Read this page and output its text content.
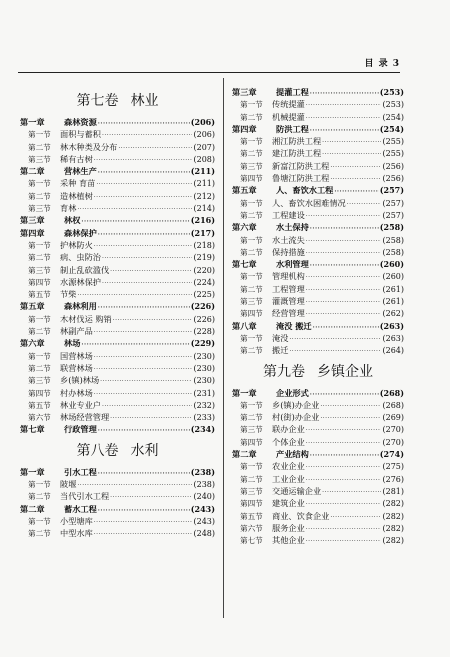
目 录 3
第七卷 林业
第一章	森林资源 ·····	(206)
第一节	面积与蓄积 ·····	(206)
第二节	林木种类及分布 ·····	(207)
第三节	稀有古树 ·····	(208)
第二章	营林生产 ·····	(211)
第一节	采种 育苗 ·····	(211)
第二节	造林植树 ·····	(212)
第三节	育林 ·····	(214)
第三章	林权 ·····	(216)
第四章	森林保护 ·····	(217)
第一节	护林防火 ·····	(218)
第二节	病、虫防治 ·····	(219)
第三节	制止乱砍滥伐 ·····	(220)
第四节	水源林保护 ·····	(224)
第五节	节柴 ·····	(225)
第五章	森林利用 ·····	(226)
第一节	木材伐运 购销 ·····	(226)
第二节	林副产品 ·····	(228)
第六章	林场 ·····	(229)
第一节	国营林场 ·····	(230)
第二节	联营林场 ·····	(230)
第三节	乡(镇)林场 ·····	(230)
第四节	村办林场 ·····	(231)
第五节	林业专业户 ·····	(232)
第六节	林场经营管理 ·····	(233)
第七章	行政管理 ·····	(234)
第八卷 水利
第一章	引水工程 ·····	(238)
第一节	陂堰 ·····	(238)
第二节	当代引水工程 ·····	(240)
第二章	蓄水工程 ·····	(243)
第一节	小型塘库 ·····	(243)
第二节	中型水库 ·····	(248)
第三章	提灌工程 ·····	(253)
第一节	传统提灌 ·····	(253)
第二节	机械提灌 ·····	(254)
第四章	防洪工程 ·····	(254)
第一节	湘江防洪工程 ·····	(255)
第二节	建江防洪工程 ·····	(255)
第三节	新富江防洪工程 ·····	(256)
第四节	鲁塘江防洪工程 ·····	(256)
第五章	人、畜饮水工程 ·····	(257)
第一节	人、畜饮水困难情况 ·····	(257)
第二节	工程建设 ·····	(257)
第六章	水土保持 ·····	(258)
第一节	水土流失 ·····	(258)
第二节	保持措施 ·····	(258)
第七章	水利管理 ·····	(260)
第一节	管理机构 ·····	(260)
第二节	工程管理 ·····	(261)
第三节	灌溉管理 ·····	(261)
第四节	经营管理 ·····	(262)
第八章	淹没 搬迁 ·····	(263)
第一节	淹没 ·····	(263)
第二节	搬迁 ·····	(264)
第九卷 乡镇企业
第一章	企业形式 ·····	(268)
第一节	乡(镇)办企业 ·····	(268)
第二节	村(街)办企业 ·····	(269)
第三节	联办企业 ·····	(270)
第四节	个体企业 ·····	(270)
第二章	产业结构 ·····	(274)
第一节	农业企业 ·····	(275)
第二节	工业企业 ·····	(276)
第三节	交通运输企业 ·····	(281)
第四节	建筑企业 ·····	(282)
第五节	商业、饮食企业 ·····	(282)
第六节	服务企业 ·····	(282)
第七节	其他企业 ·····	(282)
